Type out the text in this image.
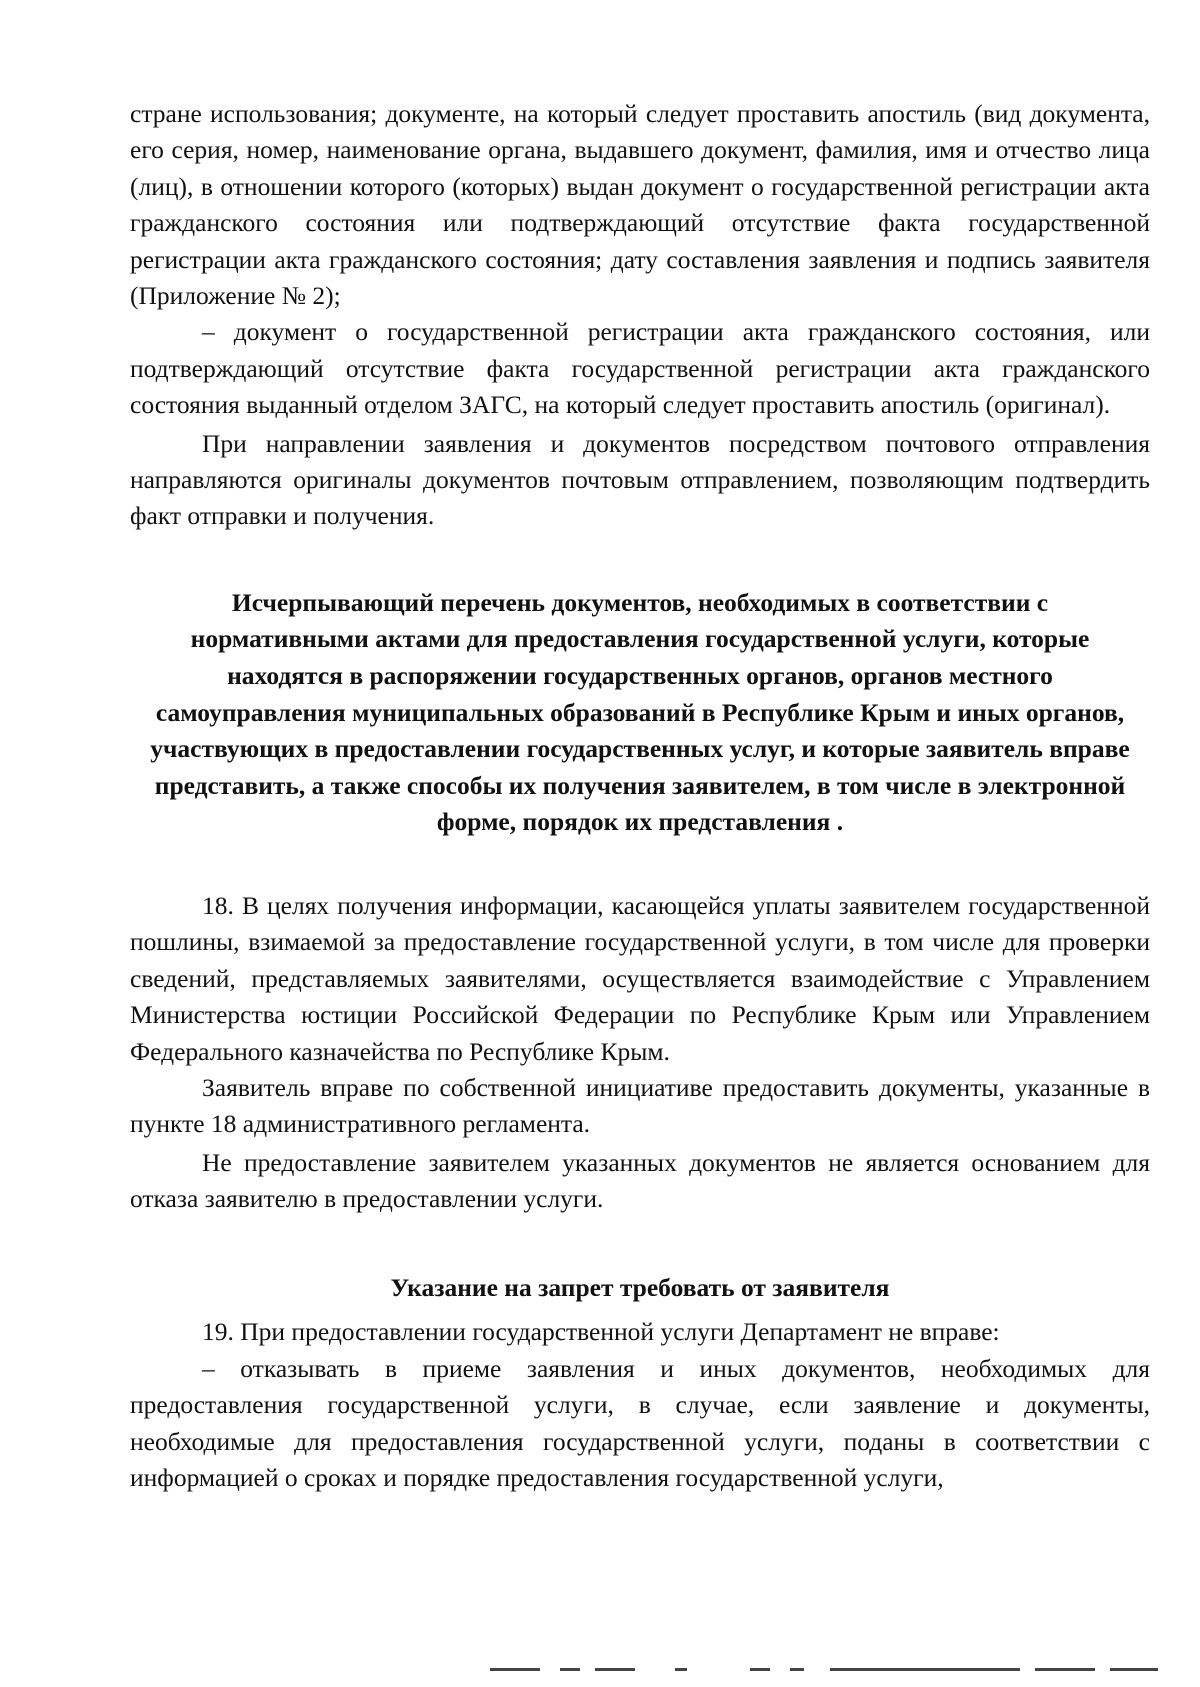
стране использования; документе, на который следует проставить апостиль (вид документа, его серия, номер, наименование органа, выдавшего документ, фамилия, имя и отчество лица (лиц), в отношении которого (которых) выдан документ о государственной регистрации акта гражданского состояния или подтверждающий отсутствие факта государственной регистрации акта гражданского состояния; дату составления заявления и подпись заявителя (Приложение № 2);

– документ о государственной регистрации акта гражданского состояния, или подтверждающий отсутствие факта государственной регистрации акта гражданского состояния выданный отделом ЗАГС, на который следует проставить апостиль (оригинал).

При направлении заявления и документов посредством почтового отправления направляются оригиналы документов почтовым отправлением, позволяющим подтвердить факт отправки и получения.

Исчерпывающий перечень документов, необходимых в соответствии с нормативными актами для предоставления государственной услуги, которые находятся в распоряжении государственных органов, органов местного самоуправления муниципальных образований в Республике Крым и иных органов, участвующих в предоставлении государственных услуг, и которые заявитель вправе представить, а также способы их получения заявителем, в том числе в электронной форме, порядок их представления .

18. В целях получения информации, касающейся уплаты заявителем государственной пошлины, взимаемой за предоставление государственной услуги, в том числе для проверки сведений, представляемых заявителями, осуществляется взаимодействие с Управлением Министерства юстиции Российской Федерации по Республике Крым или Управлением Федерального казначейства по Республике Крым.

Заявитель вправе по собственной инициативе предоставить документы, указанные в пункте 18 административного регламента.

Не предоставление заявителем указанных документов не является основанием для отказа заявителю в предоставлении услуги.

Указание на запрет требовать от заявителя

19. При предоставлении государственной услуги Департамент не вправе:

– отказывать в приеме заявления и иных документов, необходимых для предоставления государственной услуги, в случае, если заявление и документы, необходимые для предоставления государственной услуги, поданы в соответствии с информацией о сроках и порядке предоставления государственной услуги,
